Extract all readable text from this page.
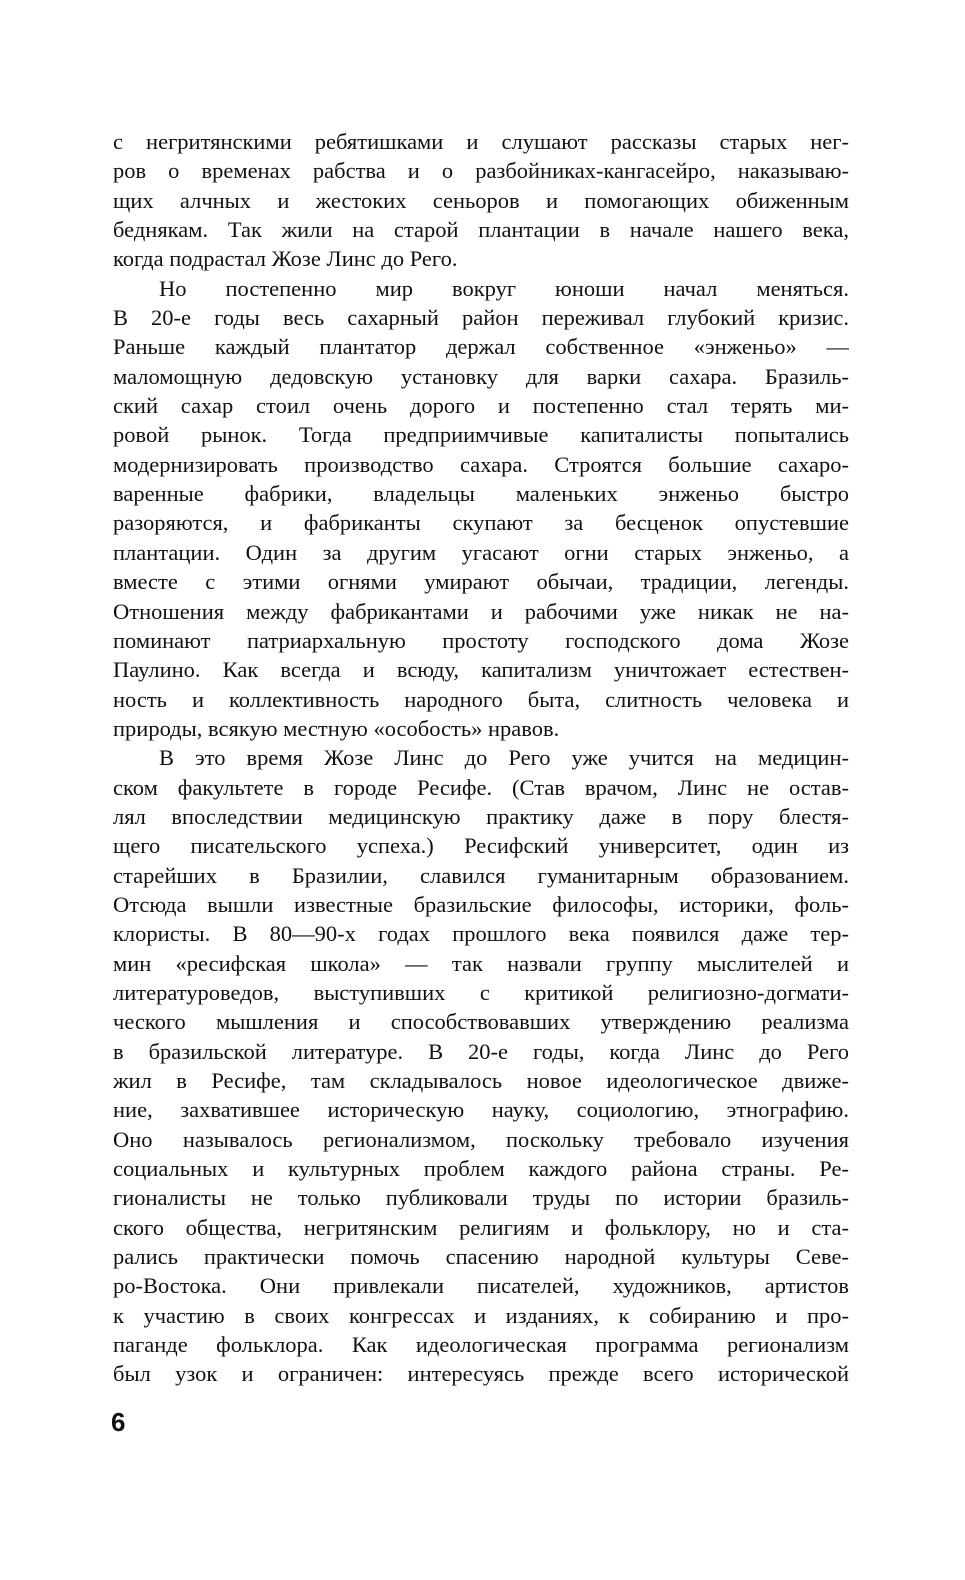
с негритянскими ребятишками и слушают рассказы старых нег-
ров о временах рабства и о разбойниках-кангасейро, наказываю-
щих алчных и жестоких сеньоров и помогающих обиженным
беднякам. Так жили на старой плантации в начале нашего века,
когда подрастал Жозе Линс до Рего.
Но постепенно мир вокруг юноши начал меняться.
В 20-е годы весь сахарный район переживал глубокий кризис.
Раньше каждый плантатор держал собственное «энженьо» —
маломощную дедовскую установку для варки сахара. Бразиль-
ский сахар стоил очень дорого и постепенно стал терять ми-
ровой рынок. Тогда предприимчивые капиталисты попытались
модернизировать производство сахара. Строятся большие сахаро-
варенные фабрики, владельцы маленьких энженьо быстро
разоряются, и фабриканты скупают за бесценок опустевшие
плантации. Один за другим угасают огни старых энженьо, а
вместе с этими огнями умирают обычаи, традиции, легенды.
Отношения между фабрикантами и рабочими уже никак не на-
поминают патриархальную простоту господского дома Жозе
Паулино. Как всегда и всюду, капитализм уничтожает естествен-
ность и коллективность народного быта, слитность человека и
природы, всякую местную «особость» нравов.
В это время Жозе Линс до Рего уже учится на медицин-
ском факультете в городе Ресифе. (Став врачом, Линс не остав-
лял впоследствии медицинскую практику даже в пору блестя-
щего писательского успеха.) Ресифский университет, один из
старейших в Бразилии, славился гуманитарным образованием.
Отсюда вышли известные бразильские философы, историки, фоль-
клористы. В 80—90-х годах прошлого века появился даже тер-
мин «ресифская школа» — так назвали группу мыслителей и
литературоведов, выступивших с критикой религиозно-догмати-
ческого мышления и способствовавших утверждению реализма
в бразильской литературе. В 20-е годы, когда Линс до Рего
жил в Ресифе, там складывалось новое идеологическое движе-
ние, захватившее историческую науку, социологию, этнографию.
Оно называлось регионализмом, поскольку требовало изучения
социальных и культурных проблем каждого района страны. Ре-
гионалисты не только публиковали труды по истории бразиль-
ского общества, негритянским религиям и фольклору, но и ста-
рались практически помочь спасению народной культуры Севе-
ро-Востока. Они привлекали писателей, художников, артистов
к участию в своих конгрессах и изданиях, к собиранию и про-
паганде фольклора. Как идеологическая программа регионализм
был узок и ограничен: интересуясь прежде всего исторической
6
